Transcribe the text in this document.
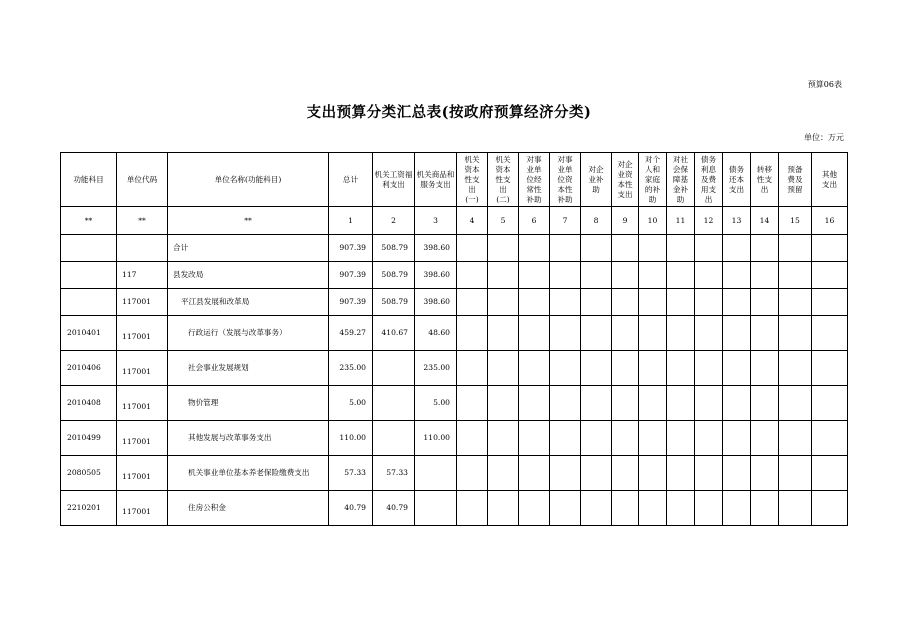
预算06表
支出预算分类汇总表(按政府预算经济分类)
单位：万元
功能科目	单位代码	单位名称(功能科目)	总计	机关工资福利支出	机关商品和服务支出	机关资本性支出(一)	机关资本性支出(二)	对事业单位经常性补助	对事业单位资本性补助	对企业补助	对企业资本性支出	对个人和家庭的补助	对社会保障基金补助	债务利息及费用支出	债务还本支出	转移性支出	预备费及预留	其他支出
**	**	**	1	2	3	4	5	6	7	8	9	10	11	12	13	14	15	16
		合计	907.39	508.79	398.60													
	117	县发改局	907.39	508.79	398.60													
	117001	平江县发展和改革局	907.39	508.79	398.60													
2010401	117001	行政运行（发展与改革事务）	459.27	410.67	48.60													
2010406	117001	社会事业发展规划	235.00		235.00													
2010408	117001	物价管理	5.00		5.00													
2010499	117001	其他发展与改革事务支出	110.00		110.00													
2080505	117001	机关事业单位基本养老保险缴费支出	57.33	57.33														
2210201	117001	住房公积金	40.79	40.79														
